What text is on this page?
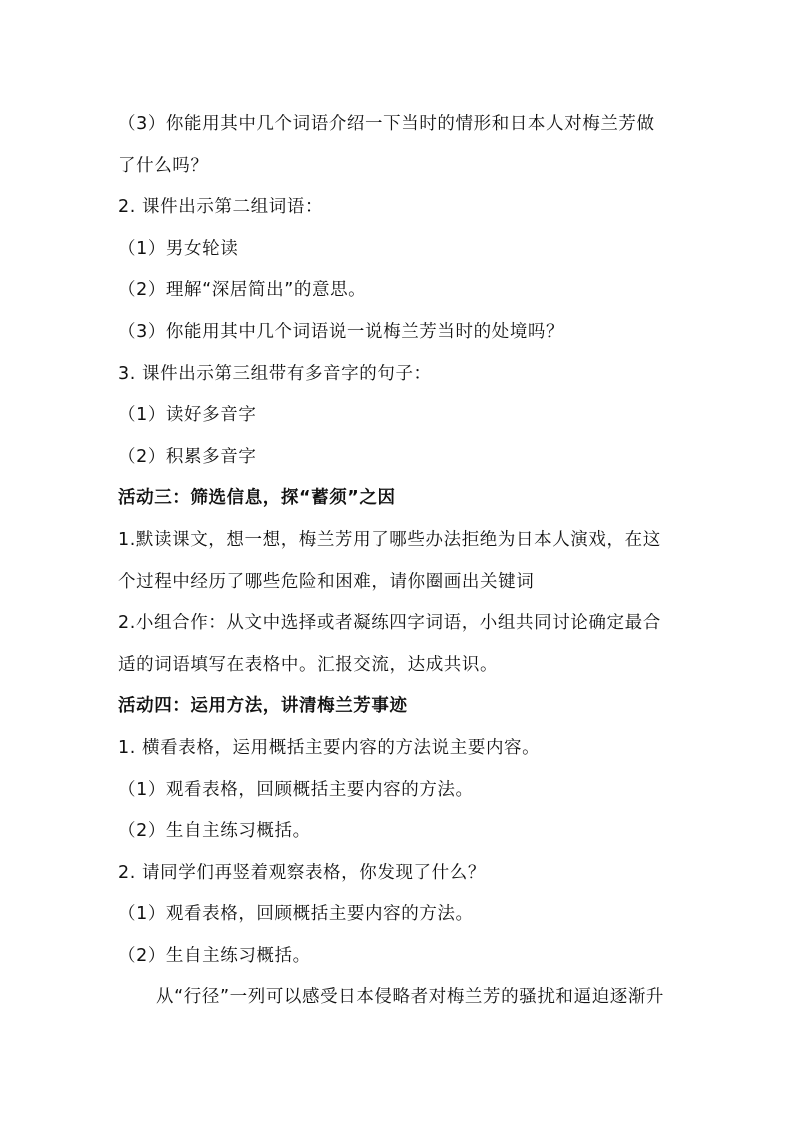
（3）你能用其中几个词语介绍一下当时的情形和日本人对梅兰芳做
了什么吗？
2. 课件出示第二组词语：
（1）男女轮读
（2）理解“深居简出”的意思。
（3）你能用其中几个词语说一说梅兰芳当时的处境吗？
3. 课件出示第三组带有多音字的句子：
（1）读好多音字
（2）积累多音字
活动三：筛选信息，探“蓄须”之因
1.默读课文，想一想，梅兰芳用了哪些办法拒绝为日本人演戏，在这
个过程中经历了哪些危险和困难，请你圈画出关键词
2.小组合作：从文中选择或者凝练四字词语，小组共同讨论确定最合
适的词语填写在表格中。汇报交流，达成共识。
活动四：运用方法，讲清梅兰芳事迹
1. 横看表格，运用概括主要内容的方法说主要内容。
（1）观看表格，回顾概括主要内容的方法。
（2）生自主练习概括。
2. 请同学们再竖着观察表格，你发现了什么？
（1）观看表格，回顾概括主要内容的方法。
（2）生自主练习概括。
从“行径”一列可以感受日本侵略者对梅兰芳的骚扰和逼迫逐渐升
